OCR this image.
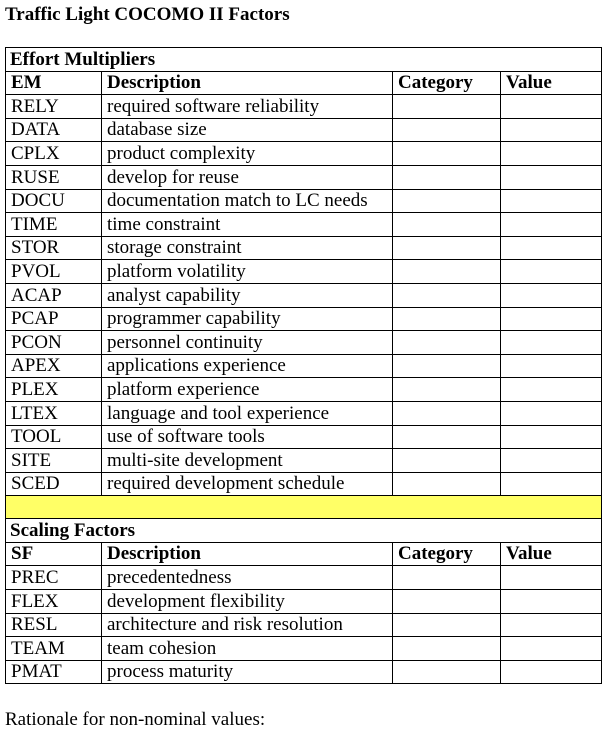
Traffic Light COCOMO II Factors
Effort Multipliers			
EM	Description	Category	Value
RELY	required software reliability		
DATA	database size		
CPLX	product complexity		
RUSE	develop for reuse		
DOCU	documentation match to LC needs		
TIME	time constraint		
STOR	storage constraint		
PVOL	platform volatility		
ACAP	analyst capability		
PCAP	programmer capability		
PCON	personnel continuity		
APEX	applications experience		
PLEX	platform experience		
LTEX	language and tool experience		
TOOL	use of software tools		
SITE	multi-site development		
SCED	required development schedule		

Scaling Factors			
SF	Description	Category	Value
PREC	precedentedness		
FLEX	development flexibility		
RESL	architecture and risk resolution		
TEAM	team cohesion		
PMAT	process maturity		
Rationale for non-nominal values:
